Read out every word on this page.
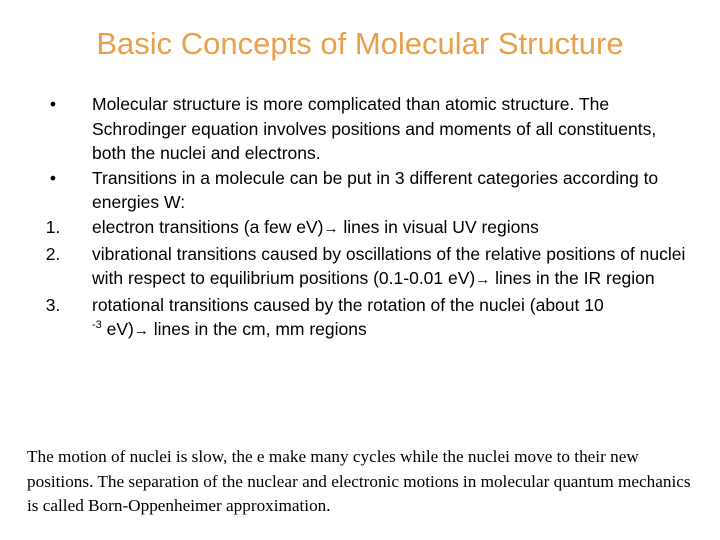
Basic Concepts of Molecular Structure
•	Molecular structure is more complicated than atomic structure. The Schrodinger equation involves positions and moments of all constituents, both the nuclei and electrons.
•	Transitions in a molecule can be put in 3 different categories according to energies W:
1.	electron transitions (a few eV)→ lines in visual UV regions
2.	vibrational transitions caused by oscillations of the relative positions of nuclei with respect to equilibrium positions (0.1-0.01 eV)→ lines in the IR region
3.	rotational transitions caused by the rotation of the nuclei (about 10
$^{-3}$ eV)→ lines in the cm, mm regions
The motion of nuclei is slow, the e make many cycles while the nuclei move to their new positions. The separation of the nuclear and electronic motions in molecular quantum mechanics is called Born-Oppenheimer approximation.
